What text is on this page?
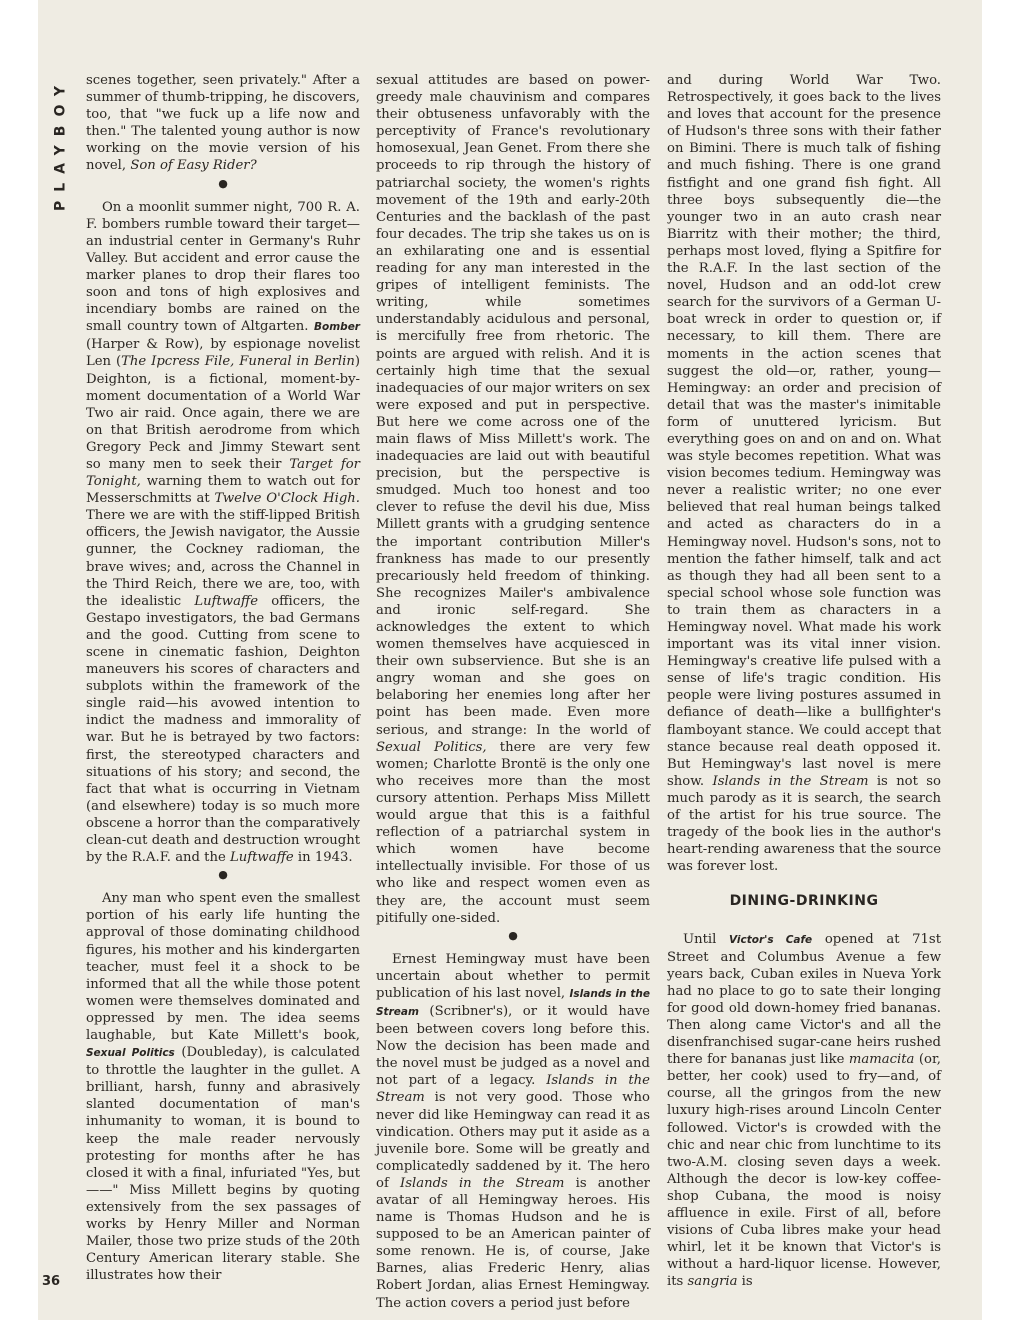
PLAYBOY
36

scenes together, seen privately." After a summer of thumb-tripping, he discovers, too, that "we fuck up a life now and then." The talented young author is now working on the movie version of his novel, Son of Easy Rider?

●

On a moonlit summer night, 700 R. A. F. bombers rumble toward their target—an industrial center in Germany's Ruhr Valley. But accident and error cause the marker planes to drop their flares too soon and tons of high explosives and incendiary bombs are rained on the small country town of Altgarten. Bomber (Harper & Row), by espionage novelist Len (The Ipcress File, Funeral in Berlin) Deighton, is a fictional, moment-by-moment documentation of a World War Two air raid. Once again, there we are on that British aerodrome from which Gregory Peck and Jimmy Stewart sent so many men to seek their Target for Tonight, warning them to watch out for Messerschmitts at Twelve O'Clock High. There we are with the stiff-lipped British officers, the Jewish navigator, the Aussie gunner, the Cockney radioman, the brave wives; and, across the Channel in the Third Reich, there we are, too, with the idealistic Luftwaffe officers, the Gestapo investigators, the bad Germans and the good. Cutting from scene to scene in cinematic fashion, Deighton maneuvers his scores of characters and subplots within the framework of the single raid—his avowed intention to indict the madness and immorality of war. But he is betrayed by two factors: first, the stereotyped characters and situations of his story; and second, the fact that what is occurring in Vietnam (and elsewhere) today is so much more obscene a horror than the comparatively clean-cut death and destruction wrought by the R.A.F. and the Luftwaffe in 1943.

●

Any man who spent even the smallest portion of his early life hunting the approval of those dominating childhood figures, his mother and his kindergarten teacher, must feel it a shock to be informed that all the while those potent women were themselves dominated and oppressed by men. The idea seems laughable, but Kate Millett's book, Sexual Politics (Doubleday), is calculated to throttle the laughter in the gullet. A brilliant, harsh, funny and abrasively slanted documentation of man's inhumanity to woman, it is bound to keep the male reader nervously protesting for months after he has closed it with a final, infuriated "Yes, but——" Miss Millett begins by quoting extensively from the sex passages of works by Henry Miller and Norman Mailer, those two prize studs of the 20th Century American literary stable. She illustrates how their

sexual attitudes are based on power-greedy male chauvinism and compares their obtuseness unfavorably with the perceptivity of France's revolutionary homosexual, Jean Genet. From there she proceeds to rip through the history of patriarchal society, the women's rights movement of the 19th and early-20th Centuries and the backlash of the past four decades. The trip she takes us on is an exhilarating one and is essential reading for any man interested in the gripes of intelligent feminists. The writing, while sometimes understandably acidulous and personal, is mercifully free from rhetoric. The points are argued with relish. And it is certainly high time that the sexual inadequacies of our major writers on sex were exposed and put in perspective. But here we come across one of the main flaws of Miss Millett's work. The inadequacies are laid out with beautiful precision, but the perspective is smudged. Much too honest and too clever to refuse the devil his due, Miss Millett grants with a grudging sentence the important contribution Miller's frankness has made to our presently precariously held freedom of thinking. She recognizes Mailer's ambivalence and ironic self-regard. She acknowledges the extent to which women themselves have acquiesced in their own subservience. But she is an angry woman and she goes on belaboring her enemies long after her point has been made. Even more serious, and strange: In the world of Sexual Politics, there are very few women; Charlotte Brontë is the only one who receives more than the most cursory attention. Perhaps Miss Millett would argue that this is a faithful reflection of a patriarchal system in which women have become intellectually invisible. For those of us who like and respect women even as they are, the account must seem pitifully one-sided.

●

Ernest Hemingway must have been uncertain about whether to permit publication of his last novel, Islands in the Stream (Scribner's), or it would have been between covers long before this. Now the decision has been made and the novel must be judged as a novel and not part of a legacy. Islands in the Stream is not very good. Those who never did like Hemingway can read it as vindication. Others may put it aside as a juvenile bore. Some will be greatly and complicatedly saddened by it. The hero of Islands in the Stream is another avatar of all Hemingway heroes. His name is Thomas Hudson and he is supposed to be an American painter of some renown. He is, of course, Jake Barnes, alias Frederic Henry, alias Robert Jordan, alias Ernest Hemingway. The action covers a period just before

and during World War Two. Retrospectively, it goes back to the lives and loves that account for the presence of Hudson's three sons with their father on Bimini. There is much talk of fishing and much fishing. There is one grand fistfight and one grand fish fight. All three boys subsequently die—the younger two in an auto crash near Biarritz with their mother; the third, perhaps most loved, flying a Spitfire for the R.A.F. In the last section of the novel, Hudson and an odd-lot crew search for the survivors of a German U-boat wreck in order to question or, if necessary, to kill them. There are moments in the action scenes that suggest the old—or, rather, young—Hemingway: an order and precision of detail that was the master's inimitable form of unuttered lyricism. But everything goes on and on and on. What was style becomes repetition. What was vision becomes tedium. Hemingway was never a realistic writer; no one ever believed that real human beings talked and acted as characters do in a Hemingway novel. Hudson's sons, not to mention the father himself, talk and act as though they had all been sent to a special school whose sole function was to train them as characters in a Hemingway novel. What made his work important was its vital inner vision. Hemingway's creative life pulsed with a sense of life's tragic condition. His people were living postures assumed in defiance of death—like a bullfighter's flamboyant stance. We could accept that stance because real death opposed it. But Hemingway's last novel is mere show. Islands in the Stream is not so much parody as it is search, the search of the artist for his true source. The tragedy of the book lies in the author's heart-rending awareness that the source was forever lost.

DINING-DRINKING

Until Victor's Cafe opened at 71st Street and Columbus Avenue a few years back, Cuban exiles in Nueva York had no place to go to sate their longing for good old down-homey fried bananas. Then along came Victor's and all the disenfranchised sugar-cane heirs rushed there for bananas just like mamacita (or, better, her cook) used to fry—and, of course, all the gringos from the new luxury high-rises around Lincoln Center followed. Victor's is crowded with the chic and near chic from lunchtime to its two-A.M. closing seven days a week. Although the decor is low-key coffee-shop Cubana, the mood is noisy affluence in exile. First of all, before visions of Cuba libres make your head whirl, let it be known that Victor's is without a hard-liquor license. However, its sangria is
